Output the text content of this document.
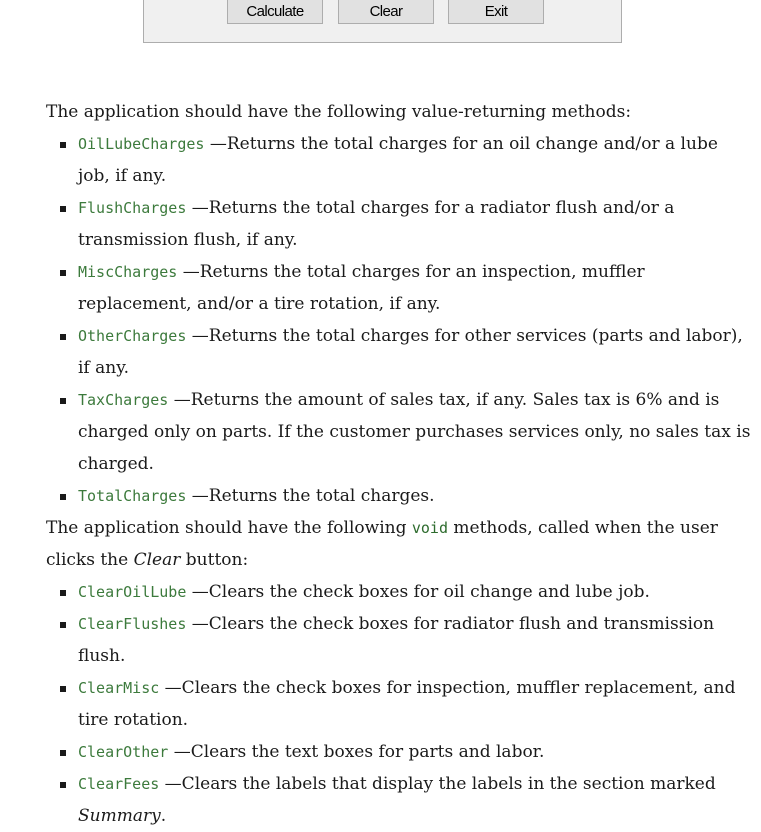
Calculate	Clear	Exit
The application should have the following value-returning methods:
OilLubeCharges —Returns the total charges for an oil change and/or a lube
job, if any.
FlushCharges —Returns the total charges for a radiator flush and/or a
transmission flush, if any.
MiscCharges —Returns the total charges for an inspection, muffler
replacement, and/or a tire rotation, if any.
OtherCharges —Returns the total charges for other services (parts and labor),
if any.
TaxCharges —Returns the amount of sales tax, if any. Sales tax is 6% and is
charged only on parts. If the customer purchases services only, no sales tax is
charged.
TotalCharges —Returns the total charges.
The application should have the following void methods, called when the user
clicks the Clear button:
ClearOilLube —Clears the check boxes for oil change and lube job.
ClearFlushes —Clears the check boxes for radiator flush and transmission
flush.
ClearMisc —Clears the check boxes for inspection, muffler replacement, and
tire rotation.
ClearOther —Clears the text boxes for parts and labor.
ClearFees —Clears the labels that display the labels in the section marked
Summary.
